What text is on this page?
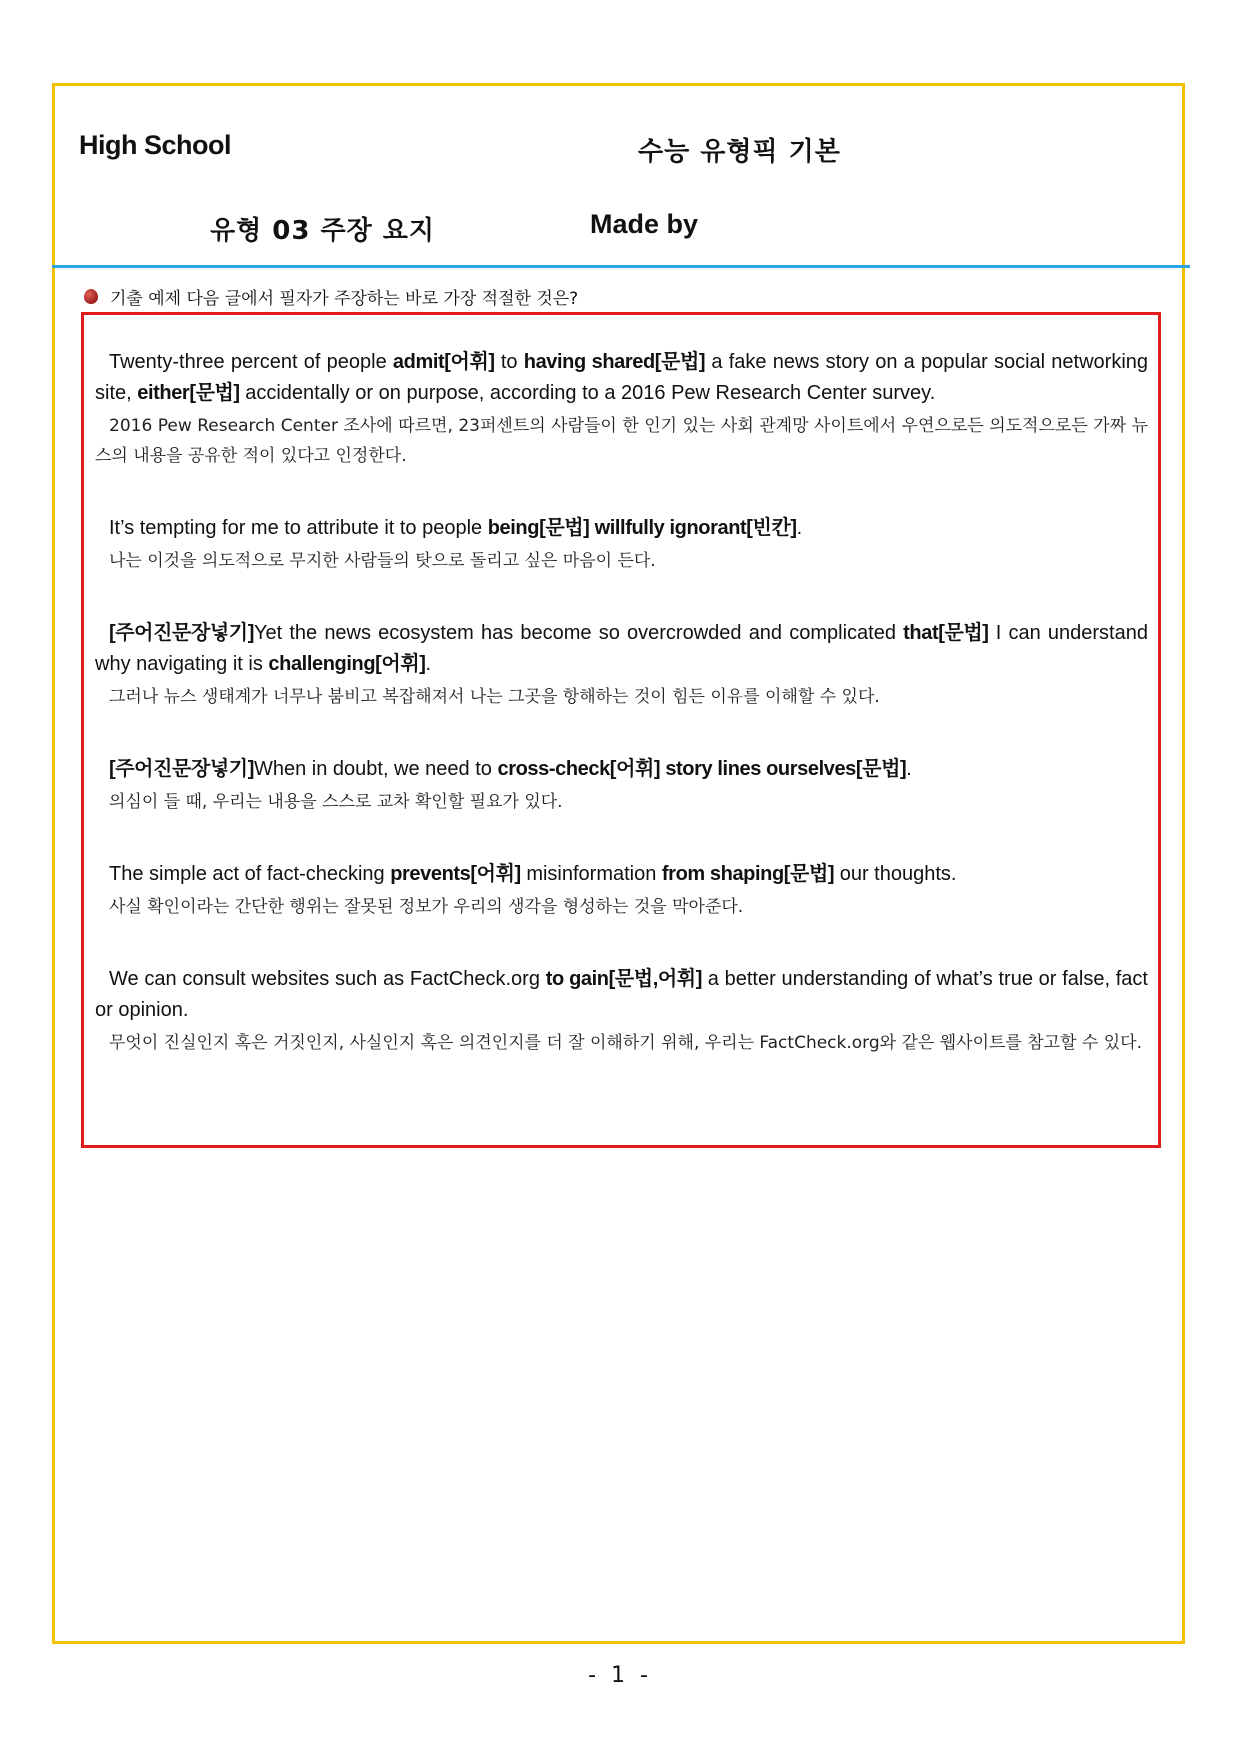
High School	수능 유형픽 기본
유형 03 주장 요지	Made by
기출 예제 다음 글에서 필자가 주장하는 바로 가장 적절한 것은?

Twenty-three percent of people admit[어휘] to having shared[문법] a fake news story on a popular social networking site, either[문법] accidentally or on purpose, according to a 2016 Pew Research Center survey.

2016 Pew Research Center 조사에 따르면, 23퍼센트의 사람들이 한 인기 있는 사회 관계망 사이트에서 우연으로든 의도적으로든 가짜 뉴스의 내용을 공유한 적이 있다고 인정한다.

It’s tempting for me to attribute it to people being[문법] willfully ignorant[빈칸].

나는 이것을 의도적으로 무지한 사람들의 탓으로 돌리고 싶은 마음이 든다.

[주어진문장넣기]Yet the news ecosystem has become so overcrowded and complicated that[문법] I can understand why navigating it is challenging[어휘].

그러나 뉴스 생태계가 너무나 붐비고 복잡해져서 나는 그곳을 항해하는 것이 힘든 이유를 이해할 수 있다.

[주어진문장넣기]When in doubt, we need to cross-check[어휘] story lines ourselves[문법].

의심이 들 때, 우리는 내용을 스스로 교차 확인할 필요가 있다.

The simple act of fact-checking prevents[어휘] misinformation from shaping[문법] our thoughts.

사실 확인이라는 간단한 행위는 잘못된 정보가 우리의 생각을 형성하는 것을 막아준다.

We can consult websites such as FactCheck.org to gain[문법,어휘] a better understanding of what’s true or false, fact or opinion.

무엇이 진실인지 혹은 거짓인지, 사실인지 혹은 의견인지를 더 잘 이해하기 위해, 우리는 FactCheck.org와 같은 웹사이트를 참고할 수 있다.

- 1 -
